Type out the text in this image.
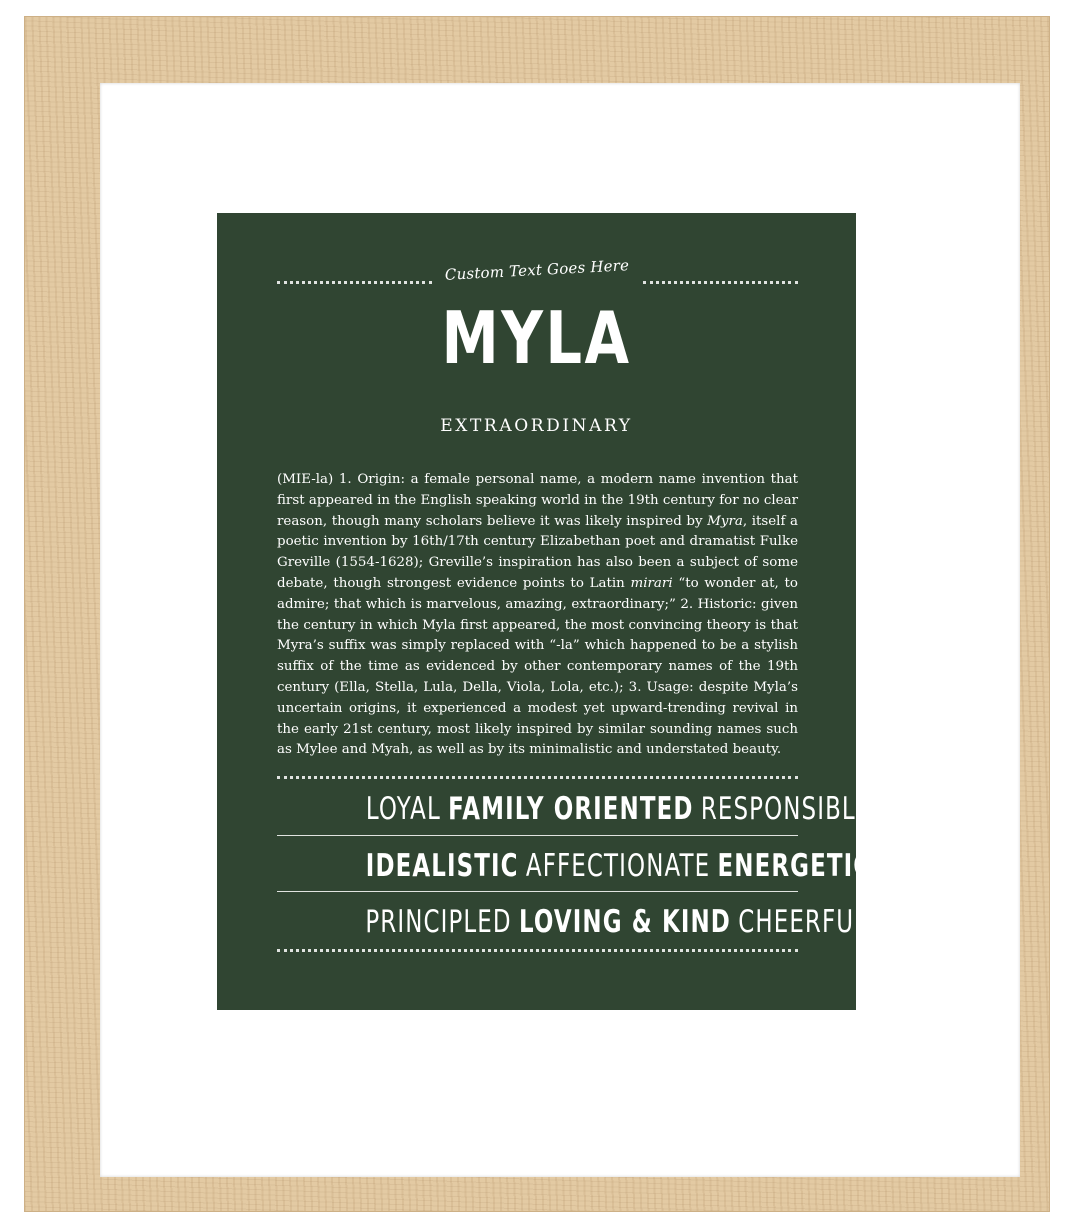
Custom Text Goes Here
MYLA
EXTRAORDINARY
(MIE-la) 1. Origin: a female personal name, a modern name invention that first appeared in the English speaking world in the 19th century for no clear reason, though many scholars believe it was likely inspired by Myra, itself a poetic invention by 16th/17th century Elizabethan poet and dramatist Fulke Greville (1554-1628); Greville’s inspiration has also been a subject of some debate, though strongest evidence points to Latin mirari “to wonder at, to admire; that which is marvelous, amazing, extraordinary;” 2. Historic: given the century in which Myla first appeared, the most convincing theory is that Myra’s suffix was simply replaced with “-la” which happened to be a stylish suffix of the time as evidenced by other contemporary names of the 19th century (Ella, Stella, Lula, Della, Viola, Lola, etc.); 3. Usage: despite Myla’s uncertain origins, it experienced a modest yet upward-trending revival in the early 21st century, most likely inspired by similar sounding names such as Mylee and Myah, as well as by its minimalistic and understated beauty.
LOYAL FAMILY ORIENTED RESPONSIBLE
IDEALISTIC AFFECTIONATE ENERGETIC
PRINCIPLED LOVING & KIND CHEERFUL
